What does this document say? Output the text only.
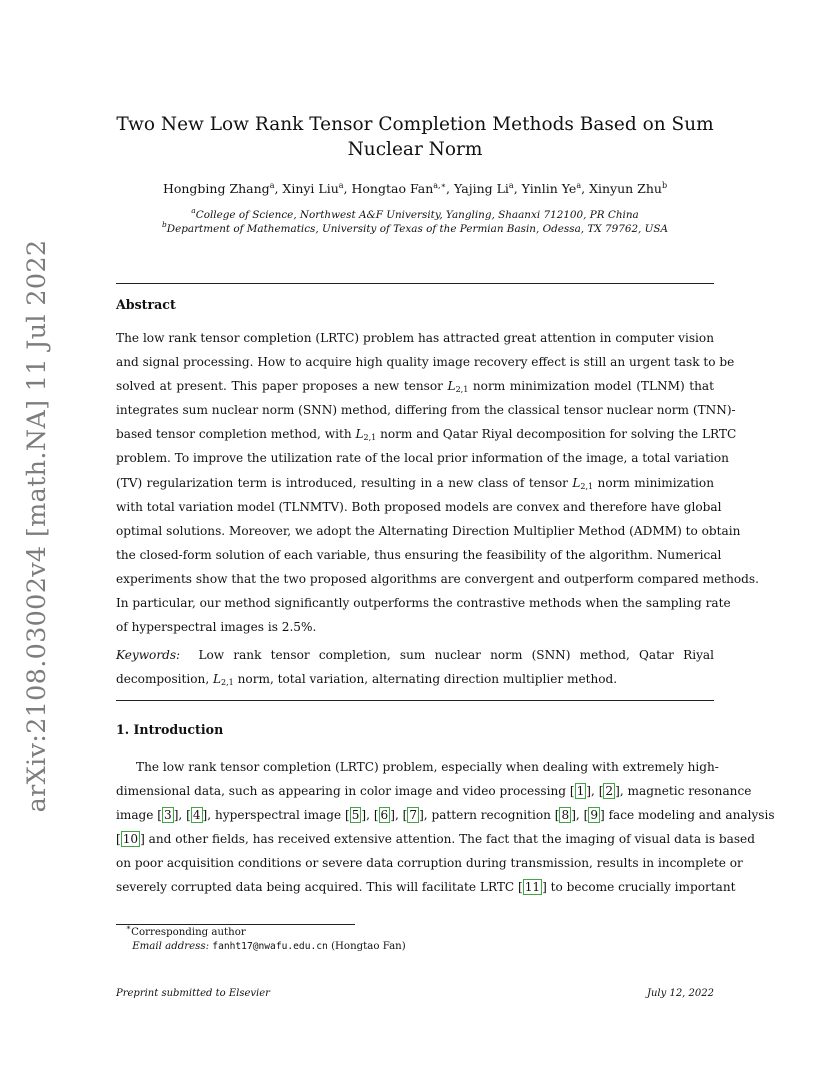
arXiv:2108.03002v4 [math.NA] 11 Jul 2022
Two New Low Rank Tensor Completion Methods Based on Sum
Nuclear Norm
Hongbing Zhang$^a$, Xinyi Liu$^a$, Hongtao Fan$^{a,∗}$, Yajing Li$^a$, Yinlin Ye$^a$, Xinyun Zhu$^b$
$^a$College of Science, Northwest A&F University, Yangling, Shaanxi 712100, PR China
$^b$Department of Mathematics, University of Texas of the Permian Basin, Odessa, TX 79762, USA
Abstract
The low rank tensor completion (LRTC) problem has attracted great attention in computer vision
and signal processing. How to acquire high quality image recovery effect is still an urgent task to be
solved at present. This paper proposes a new tensor $L_{2,1}$ norm minimization model (TLNM) that
integrates sum nuclear norm (SNN) method, differing from the classical tensor nuclear norm (TNN)-
based tensor completion method, with $L_{2,1}$ norm and Qatar Riyal decomposition for solving the LRTC
problem. To improve the utilization rate of the local prior information of the image, a total variation
(TV) regularization term is introduced, resulting in a new class of tensor $L_{2,1}$ norm minimization
with total variation model (TLNMTV). Both proposed models are convex and therefore have global
optimal solutions. Moreover, we adopt the Alternating Direction Multiplier Method (ADMM) to obtain
the closed-form solution of each variable, thus ensuring the feasibility of the algorithm. Numerical
experiments show that the two proposed algorithms are convergent and outperform compared methods.
In particular, our method significantly outperforms the contrastive methods when the sampling rate
of hyperspectral images is 2.5%.
Keywords: Low rank tensor completion, sum nuclear norm (SNN) method, Qatar Riyal
decomposition, $L_{2,1}$ norm, total variation, alternating direction multiplier method.
1. Introduction
The low rank tensor completion (LRTC) problem, especially when dealing with extremely high-
dimensional data, such as appearing in color image and video processing [ 1 ], [ 2 ], magnetic resonance
image [ 3 ], [ 4 ], hyperspectral image [ 5 ], [ 6 ], [ 7 ], pattern recognition [ 8 ], [ 9 ] face modeling and analysis
[ 10 ] and other fields, has received extensive attention. The fact that the imaging of visual data is based
on poor acquisition conditions or severe data corruption during transmission, results in incomplete or
severely corrupted data being acquired. This will facilitate LRTC [ 11 ] to become crucially important
∗Corresponding author
Email address: fanht17@nwafu.edu.cn (Hongtao Fan)
Preprint submitted to Elsevier	July 12, 2022
